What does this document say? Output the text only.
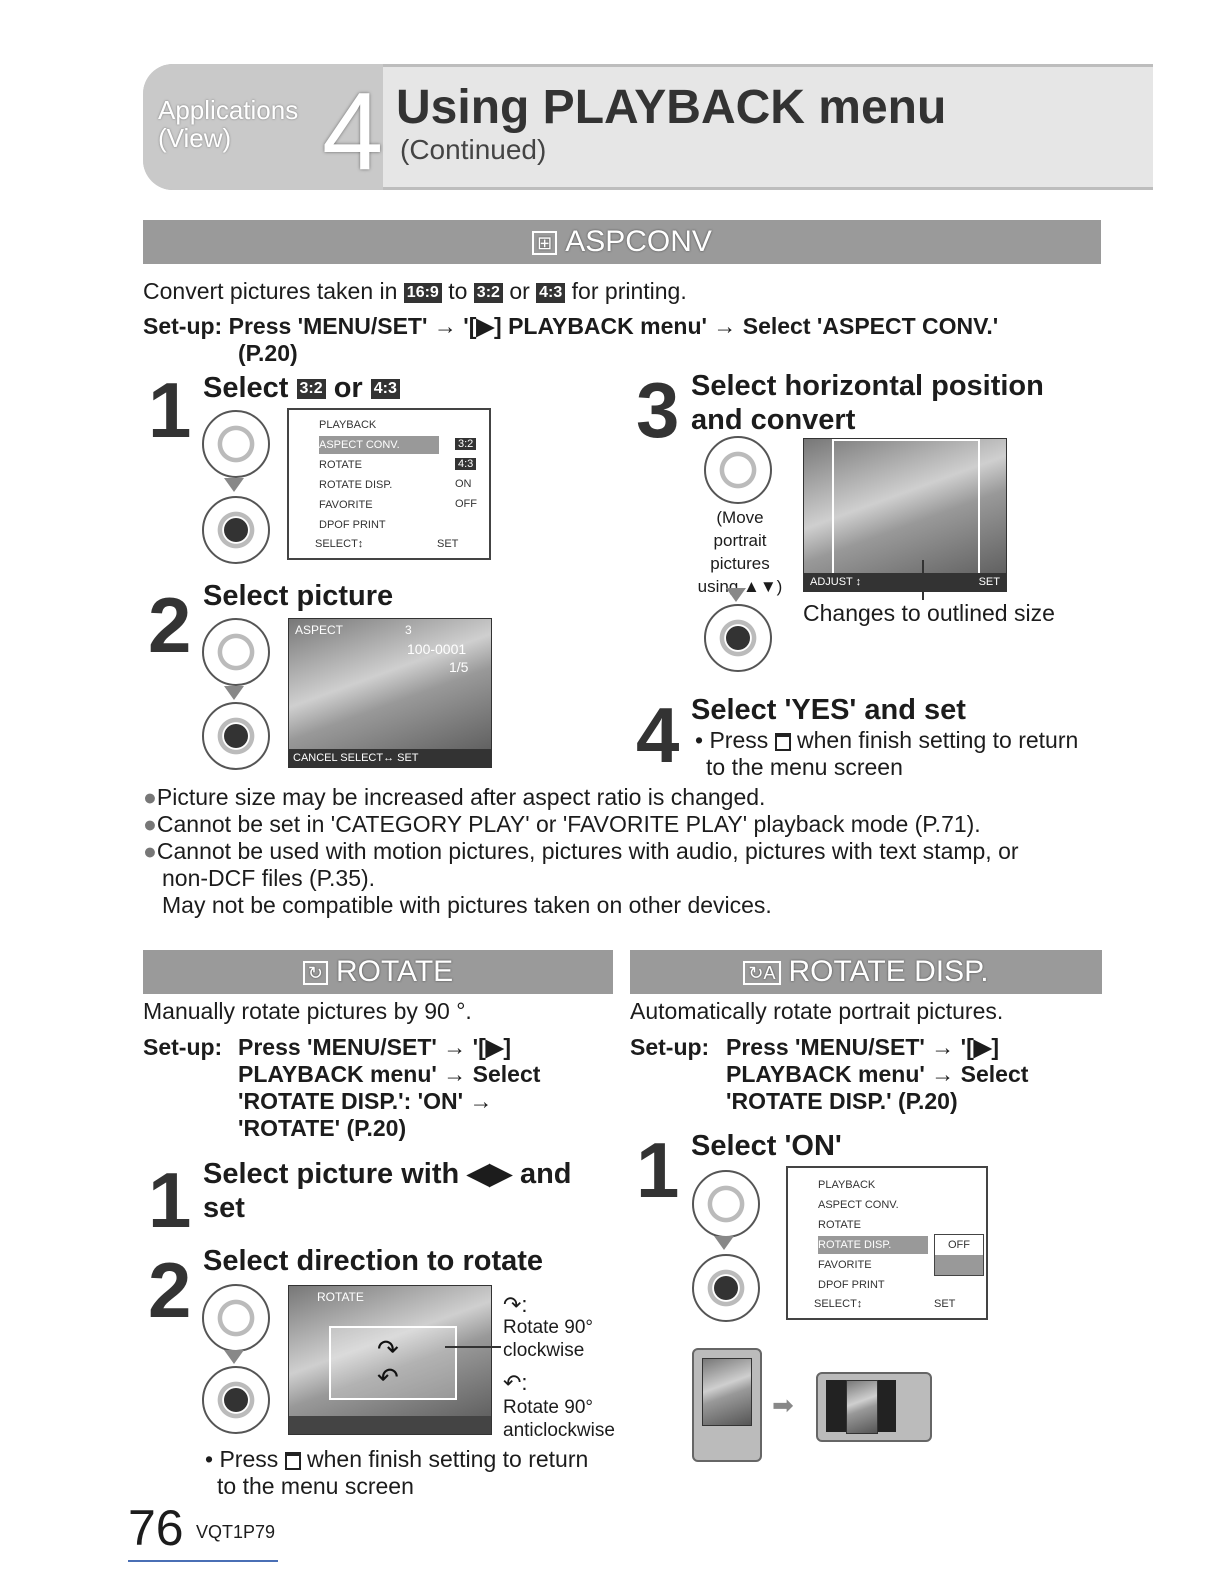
Applications
(View) 4 Using PLAYBACK menu
(Continued)
⊞ ASPCONV
Convert pictures taken in 16:9 to 3:2 or 4:3 for printing.
Set-up: Press 'MENU/SET' → '[▶] PLAYBACK menu' → Select 'ASPECT CONV.'
(P.20)
1 Select 3:2 or 4:3
PLAYBACK
ASPECT CONV.
ROTATE
ROTATE DISP.
FAVORITE
DPOF PRINT
3:2
4:3
ON
OFF
SELECT↕	SET
2 Select picture
ASPECT	3
100-0001
1/5
CANCEL SELECT↔ SET
3 Select horizontal position
and convert
(Move portrait
pictures
using ▲▼)	ADJUST ↕	SET
Changes to outlined size
4 Select 'YES' and set
• Press when finish setting to return
to the menu screen
●Picture size may be increased after aspect ratio is changed.
●Cannot be set in 'CATEGORY PLAY' or 'FAVORITE PLAY' playback mode (P.71).
●Cannot be used with motion pictures, pictures with audio, pictures with text stamp, or
non-DCF files (P.35).
May not be compatible with pictures taken on other devices.
↻ ROTATE
Manually rotate pictures by 90 °.
Set-up: Press 'MENU/SET' → '[▶]
PLAYBACK menu' → Select
'ROTATE DISP.': 'ON' →
'ROTATE' (P.20)
1 Select picture with ◀▶ and
set
2 Select direction to rotate
ROTATE
↷
↶
↷:
Rotate 90°
clockwise
↶:
Rotate 90°
anticlockwise
• Press when finish setting to return
to the menu screen
↻A ROTATE DISP.
Automatically rotate portrait pictures.
Set-up: Press 'MENU/SET' → '[▶]
PLAYBACK menu' → Select
'ROTATE DISP.' (P.20)
1 Select 'ON'
PLAYBACK
ASPECT CONV.
ROTATE
ROTATE DISP.
FAVORITE
DPOF PRINT
OFF
SELECT↕	SET
➡
76 VQT1P79
